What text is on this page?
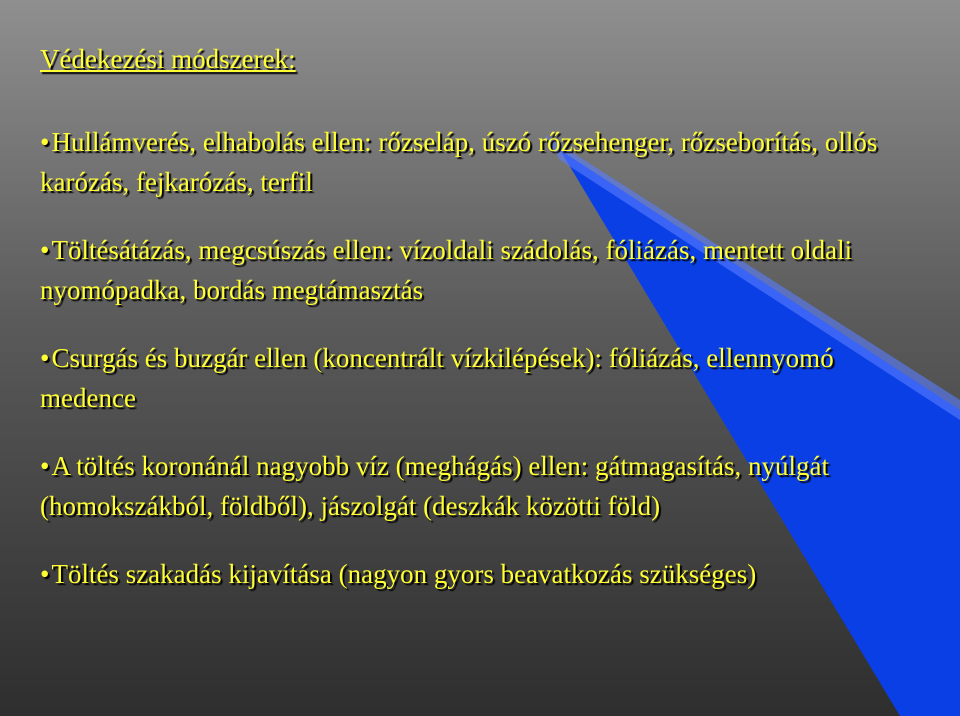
Védekezési módszerek:
•Hullámverés, elhabolás ellen: rőzseláp, úszó rőzsehenger, rőzseborítás, ollós karózás, fejkarózás, terfil
•Töltésátázás, megcsúszás ellen: vízoldali szádolás, fóliázás, mentett oldali nyomópadka, bordás megtámasztás
•Csurgás és buzgár ellen (koncentrált vízkilépések): fóliázás, ellennyomó medence
•A töltés koronánál nagyobb víz (meghágás) ellen: gátmagasítás, nyúlgát (homokszákból, földből), jászolgát (deszkák közötti föld)
•Töltés szakadás kijavítása (nagyon gyors beavatkozás szükséges)
